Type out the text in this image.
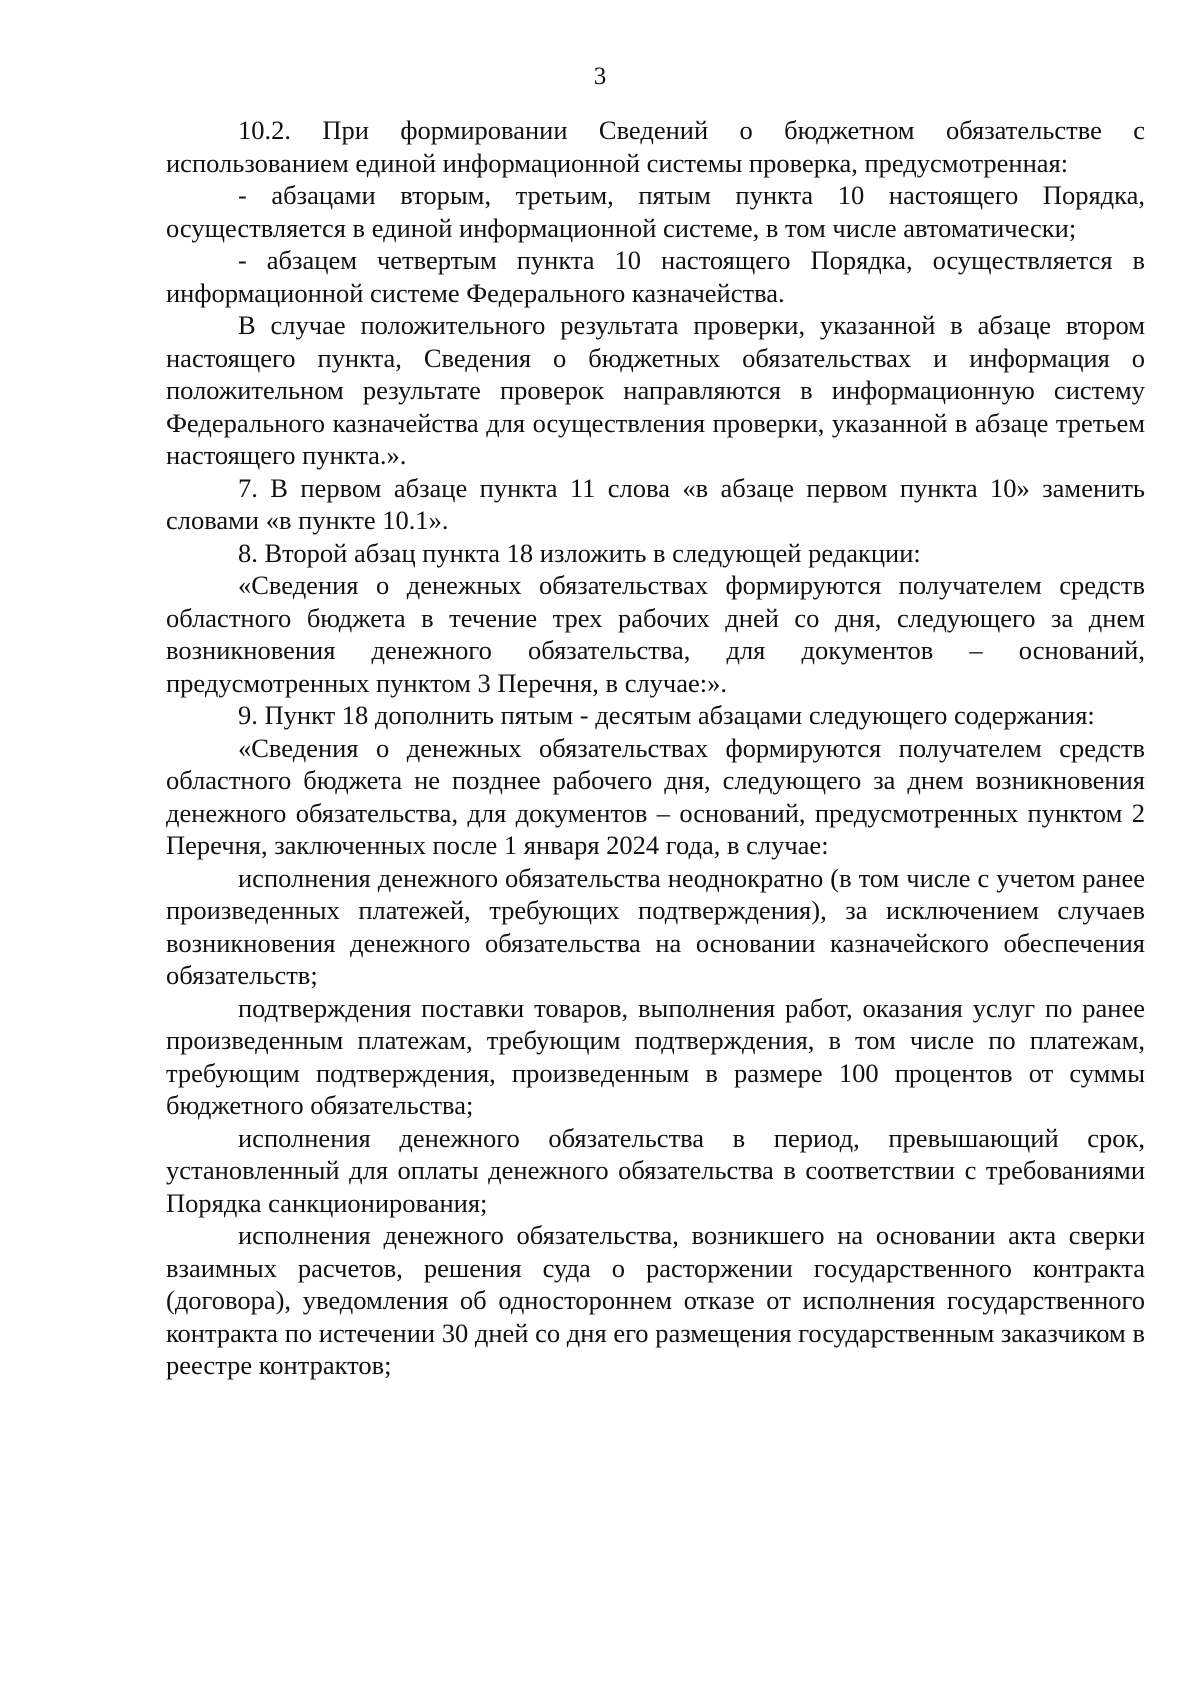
3

10.2. При формировании Сведений о бюджетном обязательстве с использованием единой информационной системы проверка, предусмотренная:

- абзацами вторым, третьим, пятым пункта 10 настоящего Порядка, осуществляется в единой информационной системе, в том числе автоматически;

- абзацем четвертым пункта 10 настоящего Порядка, осуществляется в информационной системе Федерального казначейства.

В случае положительного результата проверки, указанной в абзаце втором настоящего пункта, Сведения о бюджетных обязательствах и информация о положительном результате проверок направляются в информационную систему Федерального казначейства для осуществления проверки, указанной в абзаце третьем настоящего пункта.».

7. В первом абзаце пункта 11 слова «в абзаце первом пункта 10» заменить словами «в пункте 10.1».

8. Второй абзац пункта 18 изложить в следующей редакции:

«Сведения о денежных обязательствах формируются получателем средств областного бюджета в течение трех рабочих дней со дня, следующего за днем возникновения денежного обязательства, для документов – оснований, предусмотренных пунктом 3 Перечня, в случае:».

9. Пункт 18 дополнить пятым - десятым абзацами следующего содержания:

«Сведения о денежных обязательствах формируются получателем средств областного бюджета не позднее рабочего дня, следующего за днем возникновения денежного обязательства, для документов – оснований, предусмотренных пунктом 2 Перечня, заключенных после 1 января 2024 года, в случае:

исполнения денежного обязательства неоднократно (в том числе с учетом ранее произведенных платежей, требующих подтверждения), за исключением случаев возникновения денежного обязательства на основании казначейского обеспечения обязательств;

подтверждения поставки товаров, выполнения работ, оказания услуг по ранее произведенным платежам, требующим подтверждения, в том числе по платежам, требующим подтверждения, произведенным в размере 100 процентов от суммы бюджетного обязательства;

исполнения денежного обязательства в период, превышающий срок, установленный для оплаты денежного обязательства в соответствии с требованиями Порядка санкционирования;

исполнения денежного обязательства, возникшего на основании акта сверки взаимных расчетов, решения суда о расторжении государственного контракта (договора), уведомления об одностороннем отказе от исполнения государственного контракта по истечении 30 дней со дня его размещения государственным заказчиком в реестре контрактов;
